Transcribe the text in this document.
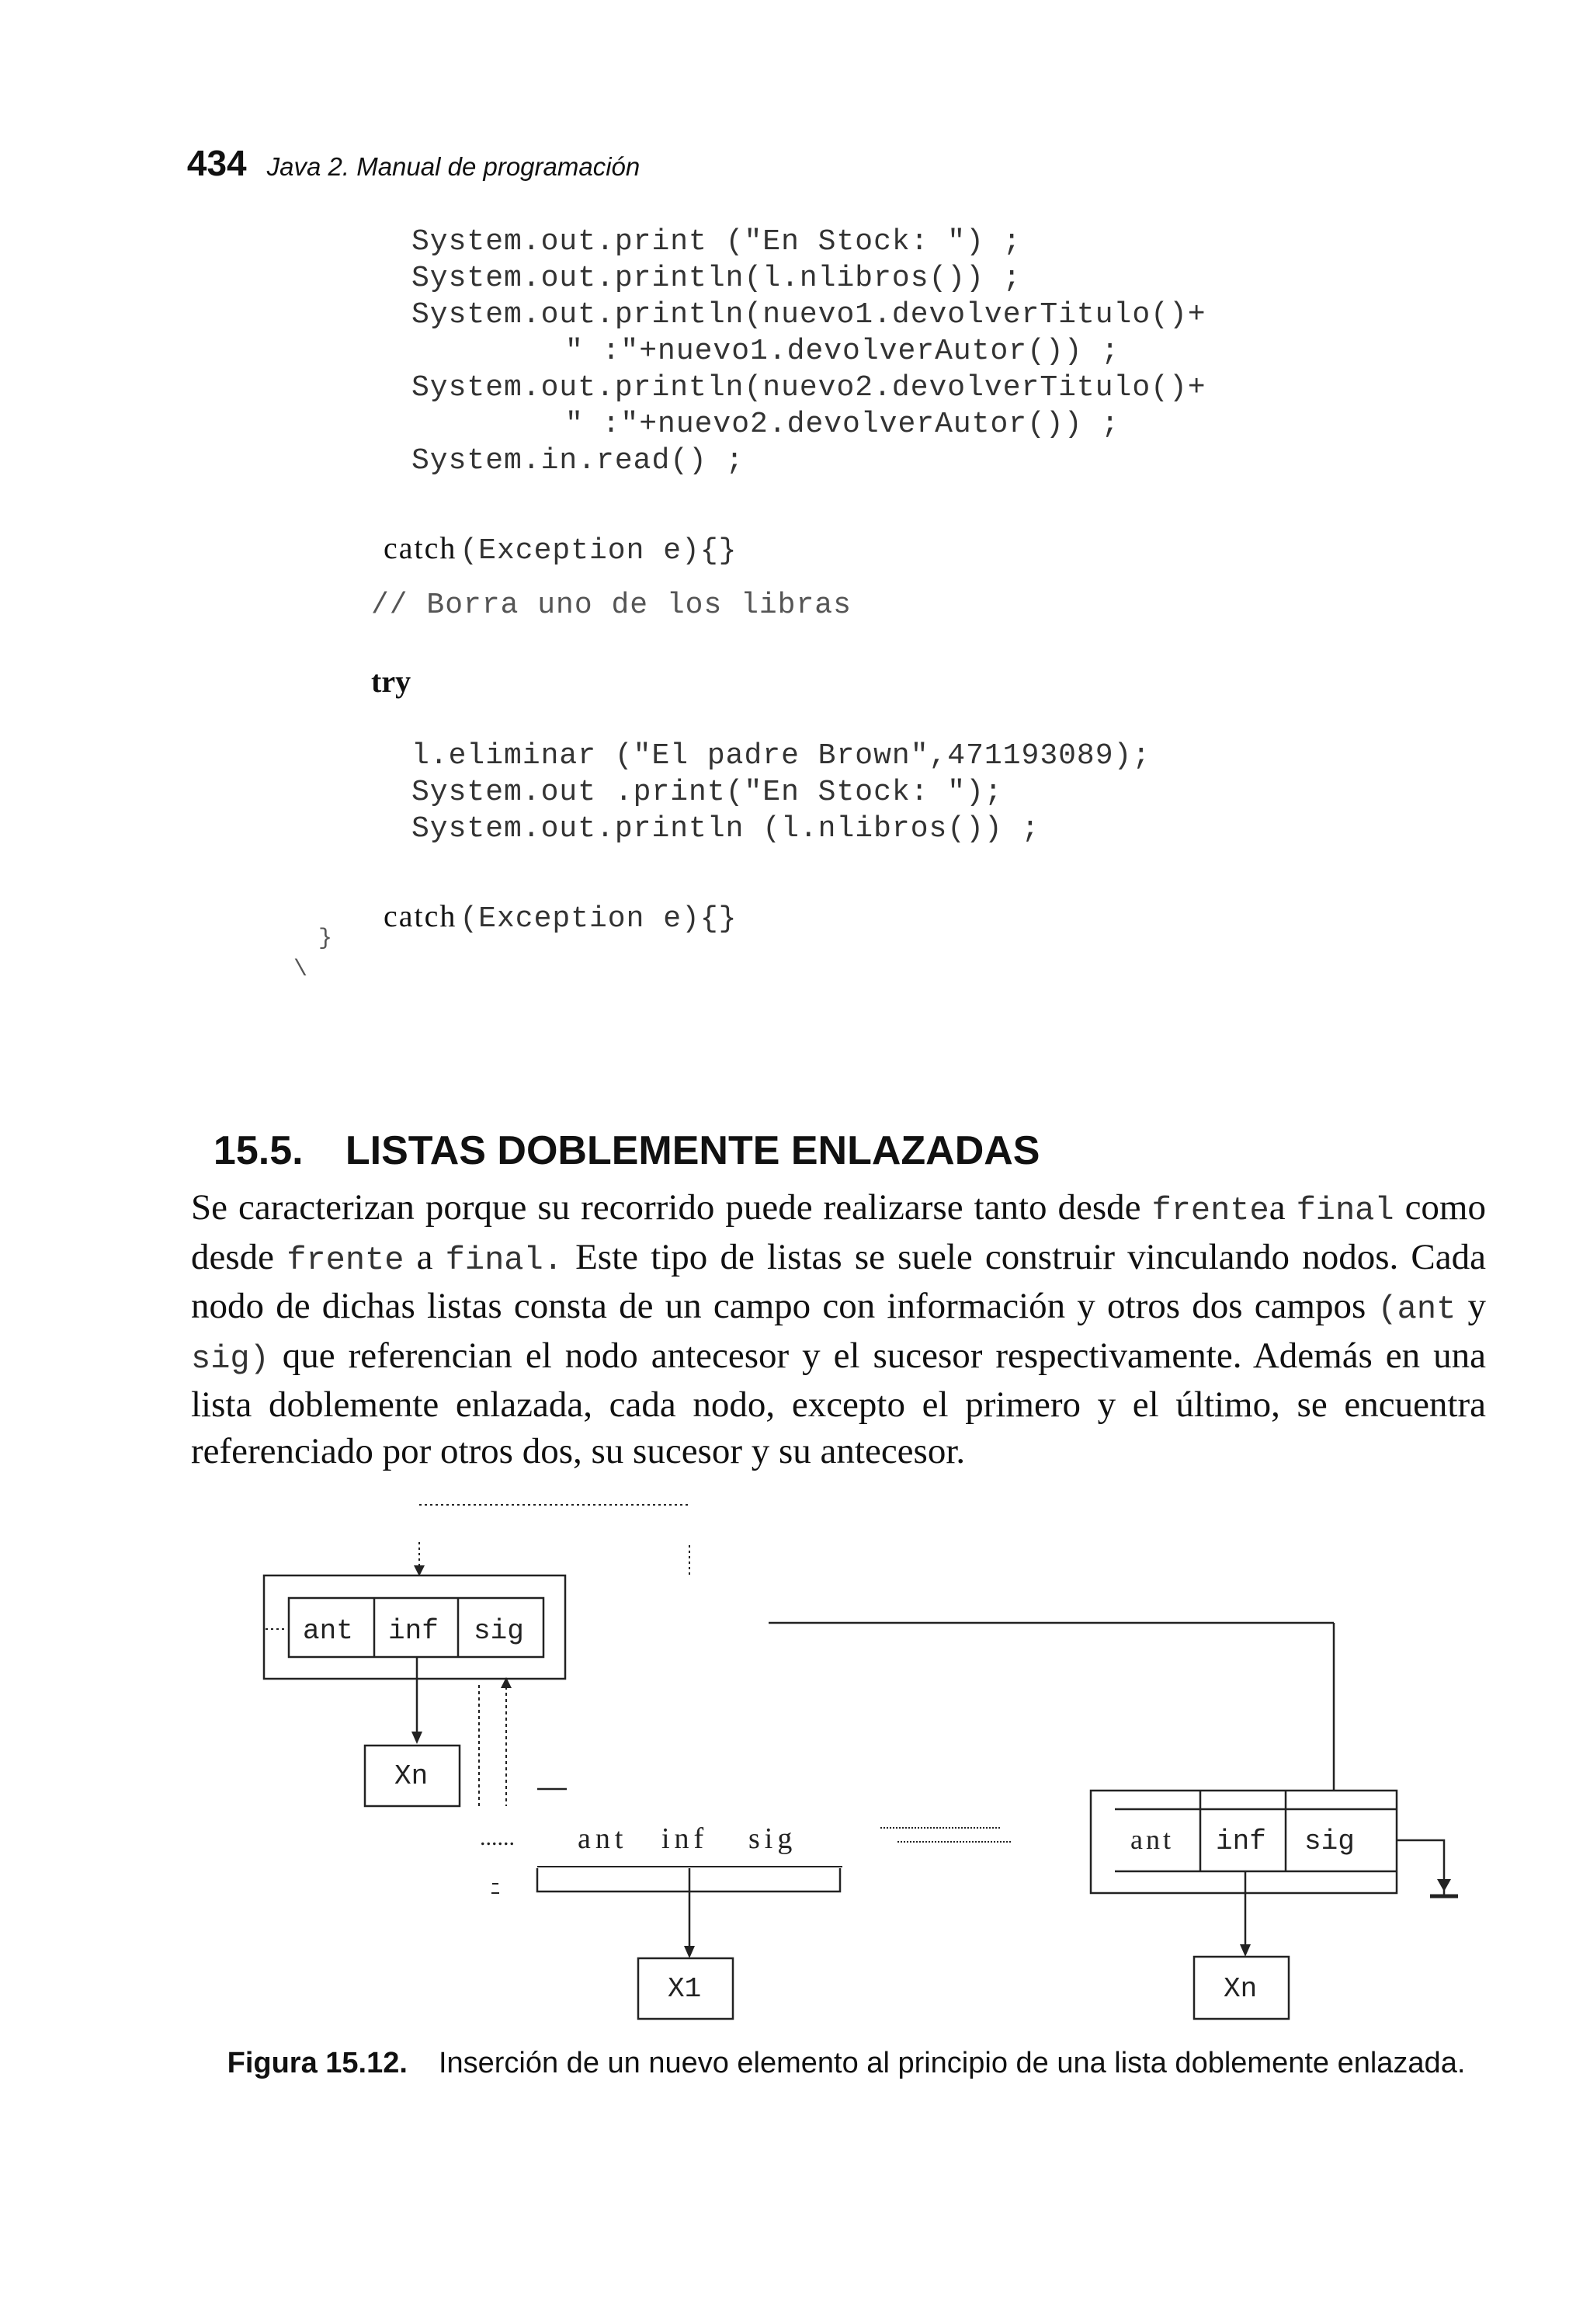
434 Java 2. Manual de programación

System.out.print ("En Stock: ") ;
System.out.println(l.nlibros()) ;
System.out.println(nuevo1.devolverTitulo()+
" :"+nuevo1.devolverAutor()) ;
System.out.println(nuevo2.devolverTitulo()+
" :"+nuevo2.devolverAutor()) ;
System.in.read() ;

catch (Exception e){}

// Borra uno de los libras
try
l.eliminar ("El padre Brown",471193089);
System.out .print("En Stock: ");
System.out.println (l.nlibros()) ;

catch (Exception e){}

}
\

15.5. LISTAS DOBLEMENTE ENLAZADAS

Se caracterizan porque su recorrido puede realizarse tanto desde frentea final como desde frente a final. Este tipo de listas se suele construir vinculando nodos. Cada nodo de dichas listas consta de un campo con información y otros dos campos (ant y sig) que referencian el nodo antecesor y el sucesor respectivamente. Además en una lista doblemente enlazada, cada nodo, excepto el primero y el último, se encuentra referenciado por otros dos, su sucesor y su antecesor.
ant inf sig
Xn
ant inf sig
Xn
X1
ant inf sig
......
Figura 15.12. Inserción de un nuevo elemento al principio de una lista doblemente enlazada.
